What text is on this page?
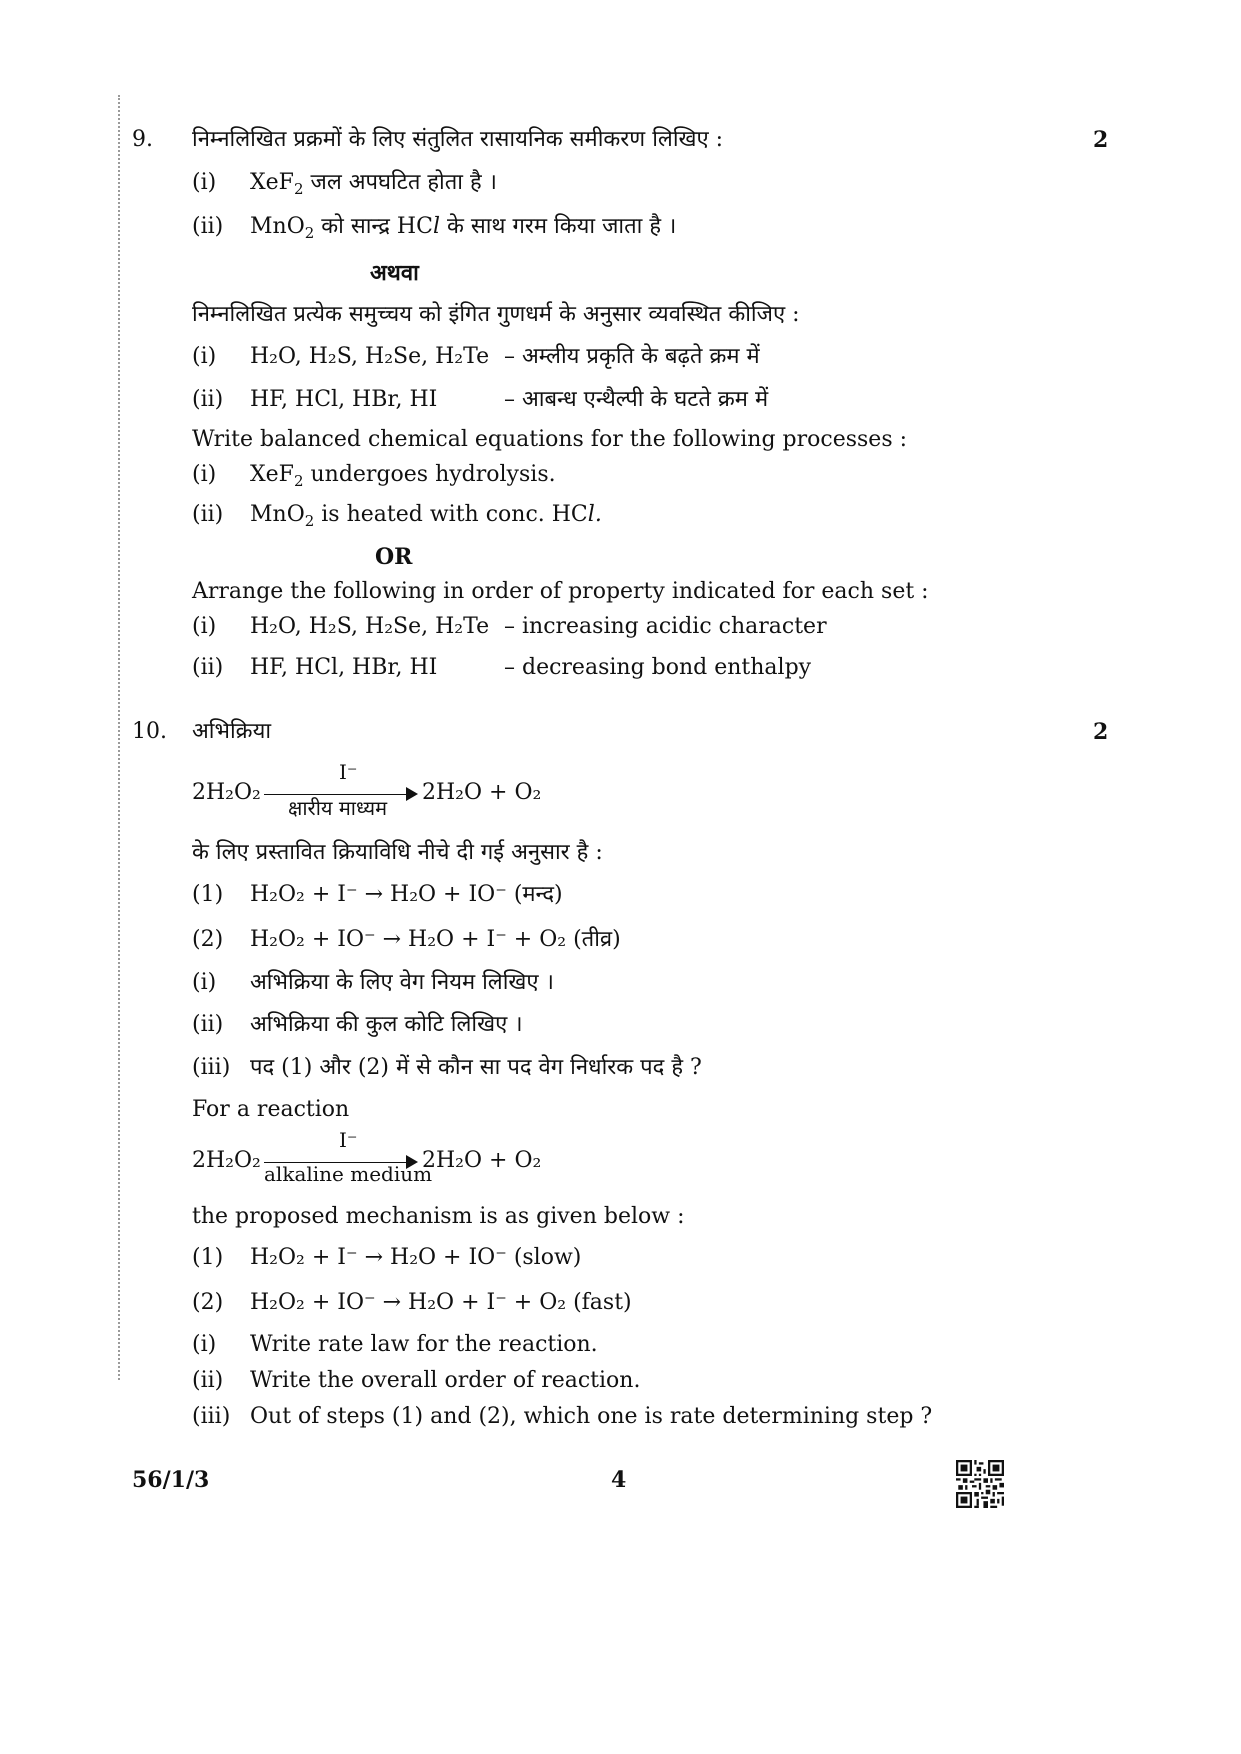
9.	2
निम्नलिखित प्रक्रमों के लिए संतुलित रासायनिक समीकरण लिखिए :
(i) XeF$_2$ जल अपघटित होता है ।
(ii) MnO$_2$ को सान्द्र HCl के साथ गरम किया जाता है ।
अथवा
निम्नलिखित प्रत्येक समुच्चय को इंगित गुणधर्म के अनुसार व्यवस्थित कीजिए :
(i) H₂O, H₂S, H₂Se, H₂Te – अम्लीय प्रकृति के बढ़ते क्रम में
(ii) HF, HCl, HBr, HI	– आबन्ध एन्थैल्पी के घटते क्रम में
Write balanced chemical equations for the following processes :
(i) XeF$_2$ undergoes hydrolysis.
(ii) MnO$_2$ is heated with conc. HCl.
OR
Arrange the following in order of property indicated for each set :
(i) H₂O, H₂S, H₂Se, H₂Te – increasing acidic character
(ii) HF, HCl, HBr, HI	– decreasing bond enthalpy
10.	2
अभिक्रिया
2H₂O₂
I⁻
क्षारीय माध्यम
2H₂O + O₂
के लिए प्रस्तावित क्रियाविधि नीचे दी गई अनुसार है :
(1) H₂O₂ + I⁻ → H₂O + IO⁻ (मन्द)
(2) H₂O₂ + IO⁻ → H₂O + I⁻ + O₂ (तीव्र)
(i) अभिक्रिया के लिए वेग नियम लिखिए ।
(ii) अभिक्रिया की कुल कोटि लिखिए ।
(iii) पद (1) और (2) में से कौन सा पद वेग निर्धारक पद है ?
For a reaction
2H₂O₂
I⁻
alkaline medium
2H₂O + O₂
the proposed mechanism is as given below :
(1) H₂O₂ + I⁻ → H₂O + IO⁻ (slow)
(2) H₂O₂ + IO⁻ → H₂O + I⁻ + O₂ (fast)
(i) Write rate law for the reaction.
(ii) Write the overall order of reaction.
(iii) Out of steps (1) and (2), which one is rate determining step ?
56/1/3	4
